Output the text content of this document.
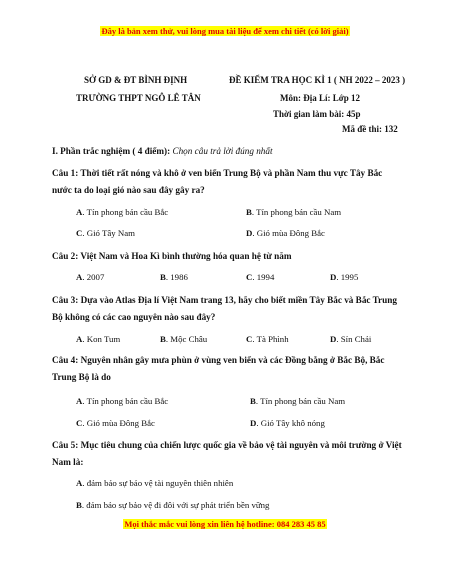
Đây là bản xem thử, vui lòng mua tài liệu để xem chi tiết (có lời giải)
SỞ GD & ĐT BÌNH ĐỊNH
TRƯỜNG THPT NGÔ LÊ TÂN
ĐỀ KIỂM TRA HỌC KÌ 1 ( NH 2022 – 2023 )
Môn: Địa Lí: Lớp 12
Thời gian làm bài: 45p
Mã đề thi: 132
I. Phần trắc nghiệm ( 4 điểm): Chọn câu trả lời đúng nhất
Câu 1: Thời tiết rất nóng và khô ở ven biển Trung Bộ và phần Nam thu vực Tây Bắc nước ta do loại gió nào sau đây gây ra?
A. Tín phong bán cầu Bắc	B. Tín phong bán cầu Nam
C. Gió Tây Nam	D. Gió mùa Đông Bắc
Câu 2: Việt Nam và Hoa Kì bình thường hóa quan hệ từ năm
A. 2007	B. 1986	C. 1994	D. 1995
Câu 3: Dựa vào Atlas Địa lí Việt Nam trang 13, hãy cho biết miền Tây Bắc và Bắc Trung Bộ không có các cao nguyên nào sau đây?
A. Kon Tum	B. Mộc Châu	C. Tà Phình	D. Sín Chải
Câu 4: Nguyên nhân gây mưa phùn ở vùng ven biển và các Đồng bằng ở Bắc Bộ, Bắc Trung Bộ là do
A. Tín phong bán cầu Bắc	B. Tín phong bán cầu Nam
C. Gió mùa Đông Bắc	D. Gió Tây khô nóng
Câu 5: Mục tiêu chung của chiến lược quốc gia về bảo vệ tài nguyên và môi trường ở Việt Nam là:
A. đảm bảo sự bảo vệ tài nguyên thiên nhiên
B. đảm bảo sự bảo vệ đi đôi với sự phát triển bền vững
Mọi thắc mắc vui lòng xin liên hệ hotline: 084 283 45 85
